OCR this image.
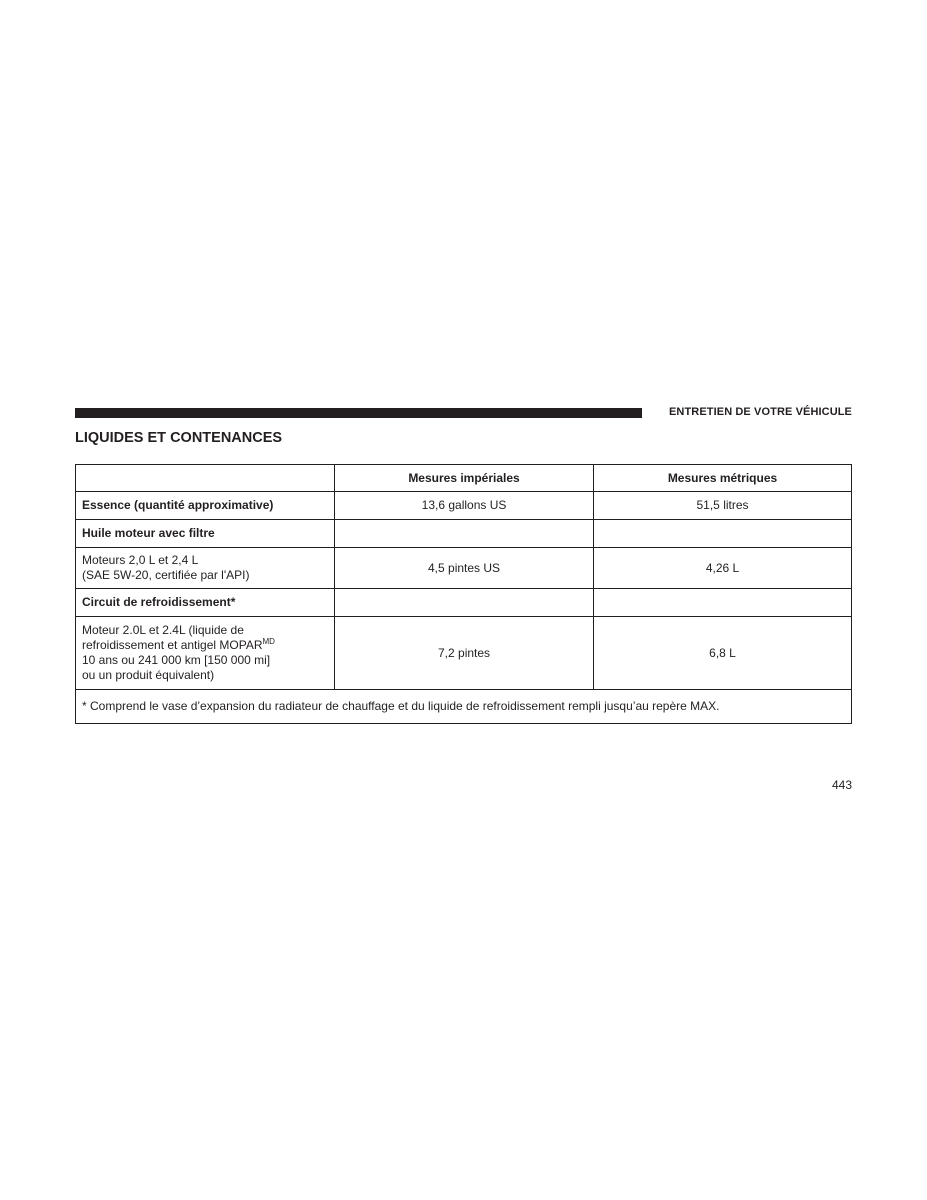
ENTRETIEN DE VOTRE VÉHICULE
LIQUIDES ET CONTENANCES
	Mesures impériales	Mesures métriques
Essence (quantité approximative)	13,6 gallons US	51,5 litres
Huile moteur avec filtre		
Moteurs 2,0 L et 2,4 L
(SAE 5W-20, certifiée par l'API)	4,5 pintes US	4,26 L
Circuit de refroidissement*		
Moteur 2.0L et 2.4L (liquide de
refroidissement et antigel $MOPAR^{MD}$
10 ans ou 241 000 km [150 000 mi]
ou un produit équivalent)	7,2 pintes	6,8 L
* Comprend le vase d’expansion du radiateur de chauffage et du liquide de refroidissement rempli jusqu’au repère MAX.		
443
